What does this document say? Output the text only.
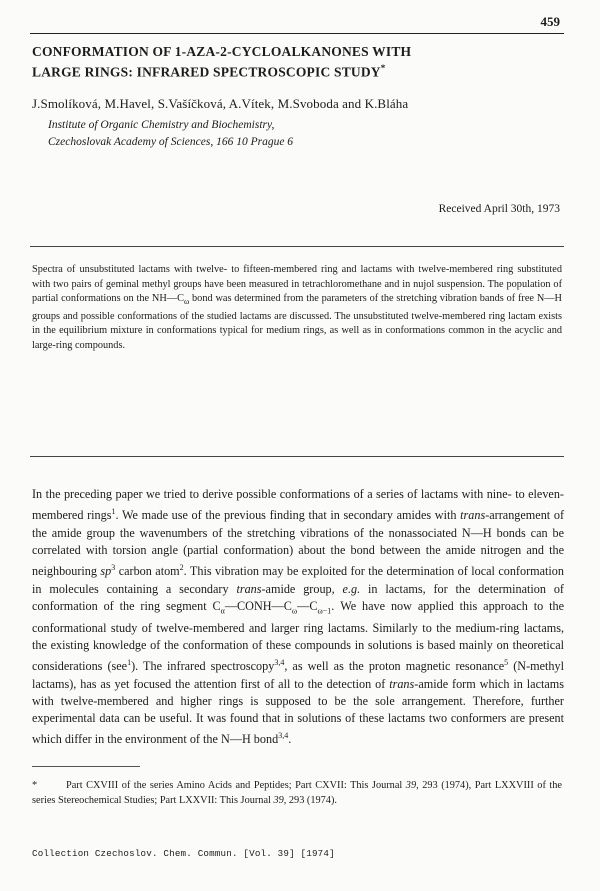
459
CONFORMATION OF 1-AZA-2-CYCLOALKANONES WITH
LARGE RINGS: INFRARED SPECTROSCOPIC STUDY*
J.Smolíková, M.Havel, S.Vašíčková, A.Vítek, M.Svoboda and K.Bláha
Institute of Organic Chemistry and Biochemistry,
Czechoslovak Academy of Sciences, 166 10 Prague 6
Received April 30th, 1973
Spectra of unsubstituted lactams with twelve- to fifteen-membered ring and lactams with twelve-membered ring substituted with two pairs of geminal methyl groups have been measured in tetrachloromethane and in nujol suspension. The population of partial conformations on the $NH—C_\omega$ bond was determined from the parameters of the stretching vibration bands of free N—H groups and possible conformations of the studied lactams are discussed. The unsubstituted twelve-membered ring lactam exists in the equilibrium mixture in conformations typical for medium rings, as well as in conformations common in the acyclic and large-ring compounds.
In the preceding paper we tried to derive possible conformations of a series of lactams with nine- to eleven-membered rings$^1$. We made use of the previous finding that in secondary amides with trans-arrangement of the amide group the wavenumbers of the stretching vibrations of the nonassociated N—H bonds can be correlated with torsion angle (partial conformation) about the bond between the amide nitrogen and the neighbouring $sp^3$ carbon atom$^2$. This vibration may be exploited for the determination of local conformation in molecules containing a secondary trans-amide group, e.g. in lactams, for the determination of conformation of the ring segment $C_\alpha—CONH—C_\omega—C_{\omega-1}$. We have now applied this approach to the conformational study of twelve-membered and larger ring lactams. Similarly to the medium-ring lactams, the existing knowledge of the conformation of these compounds in solutions is based mainly on theoretical considerations (see$^1$). The infrared spectroscopy$^{3,4}$, as well as the proton magnetic resonance$^5$ (N-methyl lactams), has as yet focused the attention first of all to the detection of trans-amide form which in lactams with twelve-membered and higher rings is supposed to be the sole arrangement. Therefore, further experimental data can be useful. It was found that in solutions of these lactams two conformers are present which differ in the environment of the N—H bond$^{3,4}$.
*	Part CXVIII of the series Amino Acids and Peptides; Part CXVII: This Journal 39, 293 (1974), Part LXXVIII of the series Stereochemical Studies; Part LXXVII: This Journal 39, 293 (1974).
Collection Czechoslov. Chem. Commun. [Vol. 39] [1974]
